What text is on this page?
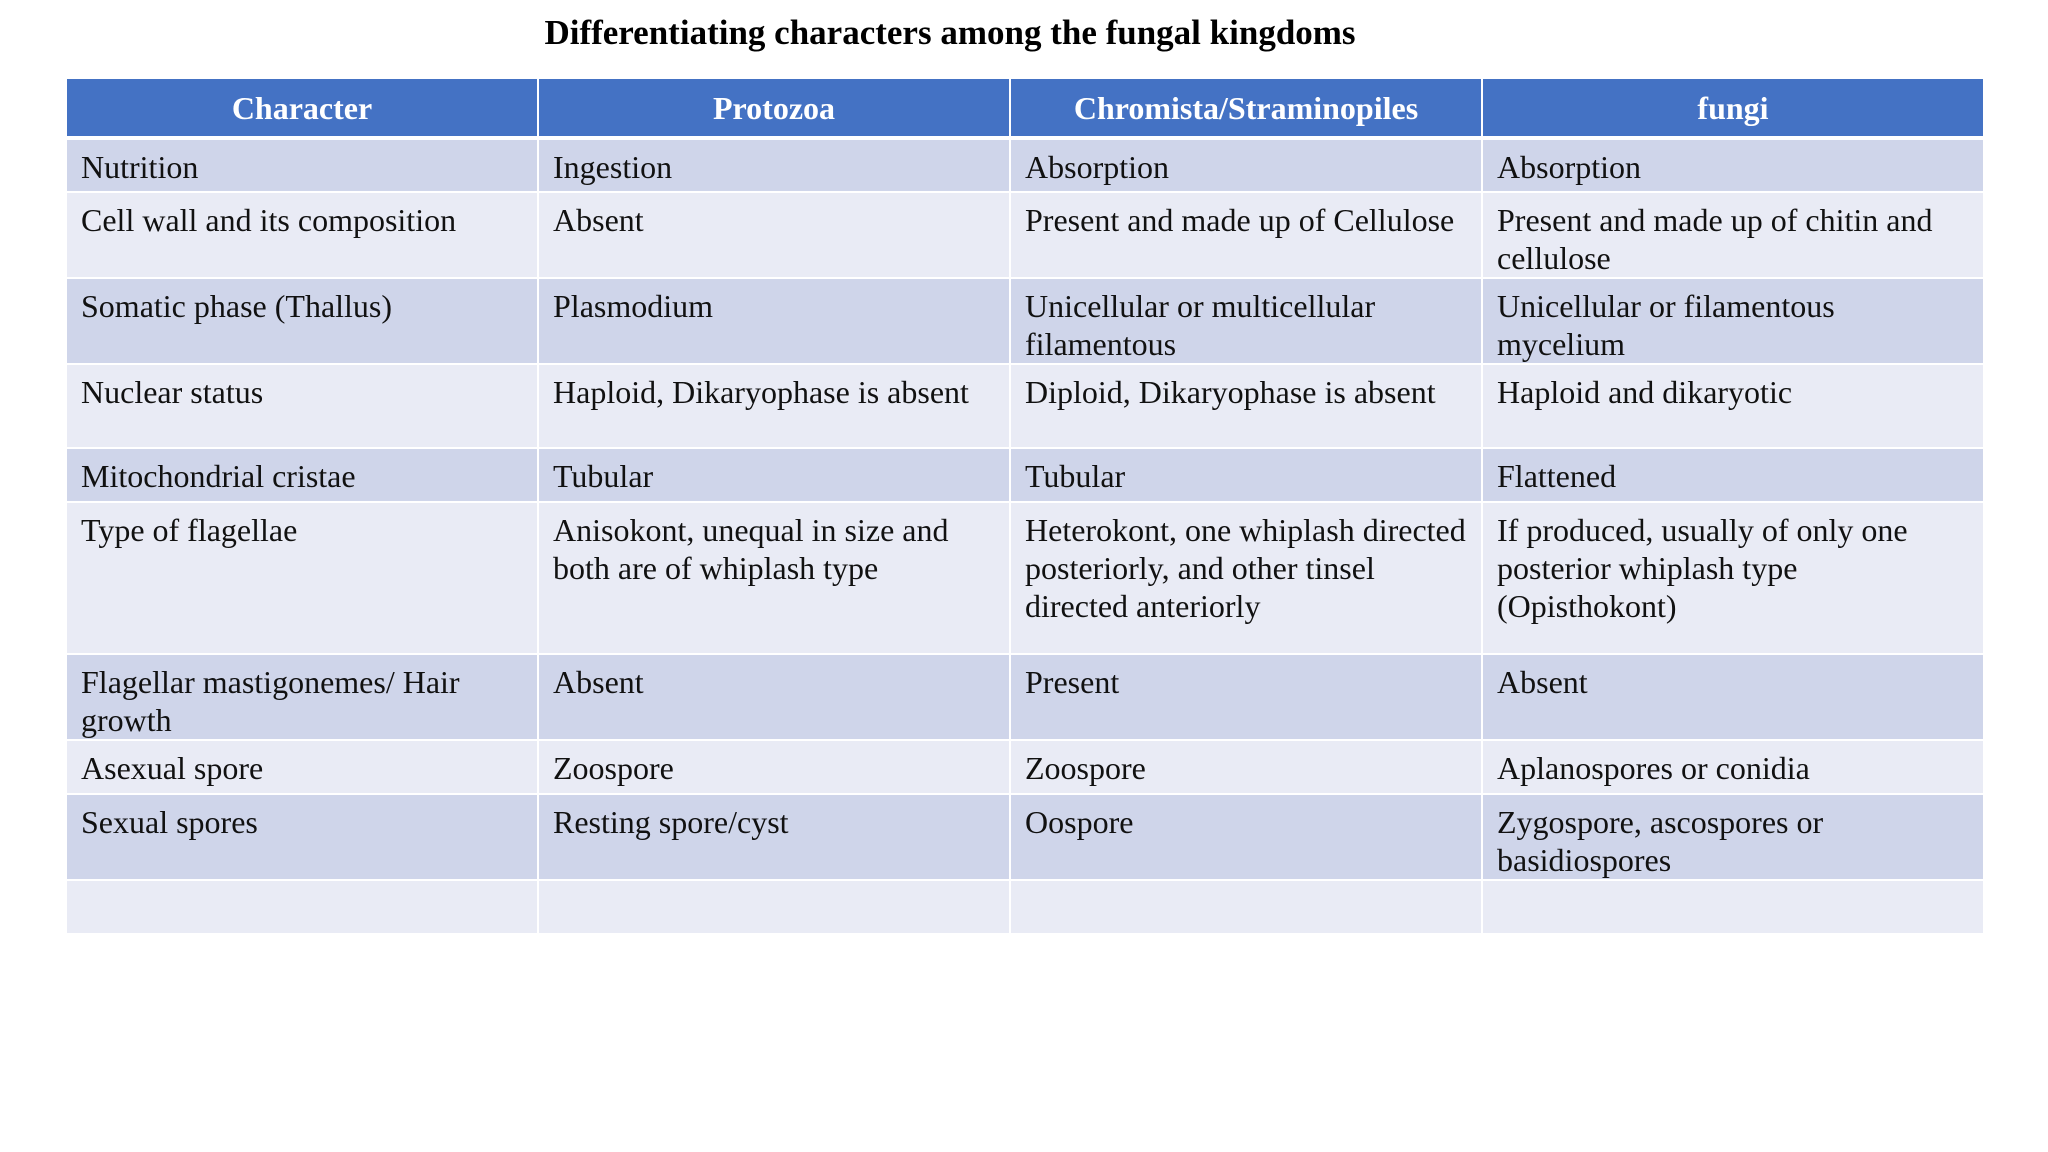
Differentiating characters among the fungal kingdoms
Character	Protozoa	Chromista/Straminopiles	fungi
Nutrition	Ingestion	Absorption	Absorption
Cell wall and its composition	Absent	Present and made up of Cellulose	Present and made up of chitin and cellulose
Somatic phase (Thallus)	Plasmodium	Unicellular or multicellular filamentous	Unicellular or filamentous mycelium
Nuclear status	Haploid, Dikaryophase is absent	Diploid, Dikaryophase is absent	Haploid and dikaryotic
Mitochondrial cristae	Tubular	Tubular	Flattened
Type of flagellae	Anisokont, unequal in size and both are of whiplash type	Heterokont, one whiplash directed posteriorly, and other tinsel directed anteriorly	If produced, usually of only one posterior whiplash type (Opisthokont)
Flagellar mastigonemes/ Hair growth	Absent	Present	Absent
Asexual spore	Zoospore	Zoospore	Aplanospores or conidia
Sexual spores	Resting spore/cyst	Oospore	Zygospore, ascospores or basidiospores
